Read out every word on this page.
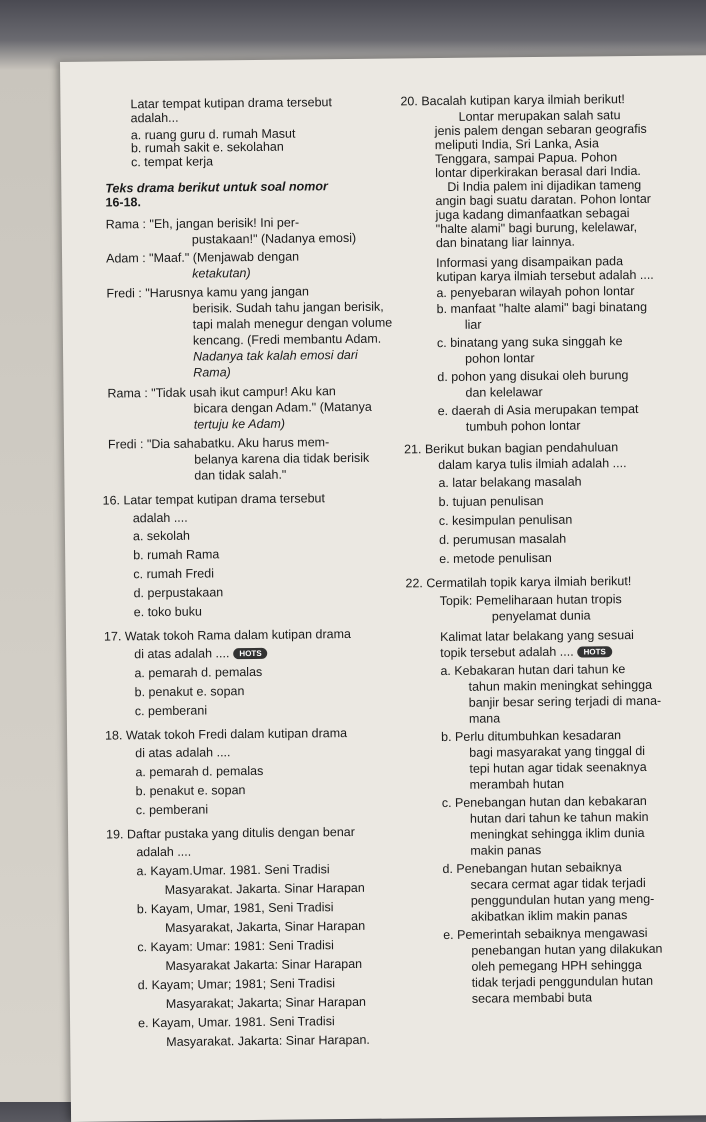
Latar tempat kutipan drama tersebut
adalah...
a. ruang guru d. rumah Masut
b. rumah sakit e. sekolahan
c. tempat kerja
Teks drama berikut untuk soal nomor
16-18.
Rama : "Eh, jangan berisik! Ini per-
pustakaan!" (Nadanya emosi)
Adam : "Maaf." (Menjawab dengan
ketakutan)
Fredi : "Harusnya kamu yang jangan
berisik. Sudah tahu jangan berisik,
tapi malah menegur dengan volume
kencang. (Fredi membantu Adam.
Nadanya tak kalah emosi dari
Rama)
Rama : "Tidak usah ikut campur! Aku kan
bicara dengan Adam." (Matanya
tertuju ke Adam)
Fredi : "Dia sahabatku. Aku harus mem-
belanya karena dia tidak berisik
dan tidak salah."
16. Latar tempat kutipan drama tersebut
adalah ....
a. sekolah
b. rumah Rama
c. rumah Fredi
d. perpustakaan
e. toko buku
17. Watak tokoh Rama dalam kutipan drama
di atas adalah .... HOTS
a. pemarah d. pemalas
b. penakut e. sopan
c. pemberani
18. Watak tokoh Fredi dalam kutipan drama
di atas adalah ....
a. pemarah d. pemalas
b. penakut e. sopan
c. pemberani
19. Daftar pustaka yang ditulis dengan benar
adalah ....
a. Kayam.Umar. 1981. Seni Tradisi
Masyarakat. Jakarta. Sinar Harapan
b. Kayam, Umar, 1981, Seni Tradisi
Masyarakat, Jakarta, Sinar Harapan
c. Kayam: Umar: 1981: Seni Tradisi
Masyarakat Jakarta: Sinar Harapan
d. Kayam; Umar; 1981; Seni Tradisi
Masyarakat; Jakarta; Sinar Harapan
e. Kayam, Umar. 1981. Seni Tradisi
Masyarakat. Jakarta: Sinar Harapan.
20. Bacalah kutipan karya ilmiah berikut!
Lontar merupakan salah satu
jenis palem dengan sebaran geografis
meliputi India, Sri Lanka, Asia
Tenggara, sampai Papua. Pohon
lontar diperkirakan berasal dari India.
Di India palem ini dijadikan tameng
angin bagi suatu daratan. Pohon lontar
juga kadang dimanfaatkan sebagai
"halte alami" bagi burung, kelelawar,
dan binatang liar lainnya.
Informasi yang disampaikan pada
kutipan karya ilmiah tersebut adalah ....
a. penyebaran wilayah pohon lontar
b. manfaat "halte alami" bagi binatang
liar
c. binatang yang suka singgah ke
pohon lontar
d. pohon yang disukai oleh burung
dan kelelawar
e. daerah di Asia merupakan tempat
tumbuh pohon lontar
21. Berikut bukan bagian pendahuluan
dalam karya tulis ilmiah adalah ....
a. latar belakang masalah
b. tujuan penulisan
c. kesimpulan penulisan
d. perumusan masalah
e. metode penulisan
22. Cermatilah topik karya ilmiah berikut!
Topik: Pemeliharaan hutan tropis
penyelamat dunia
Kalimat latar belakang yang sesuai
topik tersebut adalah .... HOTS
a. Kebakaran hutan dari tahun ke
tahun makin meningkat sehingga
banjir besar sering terjadi di mana-
mana
b. Perlu ditumbuhkan kesadaran
bagi masyarakat yang tinggal di
tepi hutan agar tidak seenaknya
merambah hutan
c. Penebangan hutan dan kebakaran
hutan dari tahun ke tahun makin
meningkat sehingga iklim dunia
makin panas
d. Penebangan hutan sebaiknya
secara cermat agar tidak terjadi
penggundulan hutan yang meng-
akibatkan iklim makin panas
e. Pemerintah sebaiknya mengawasi
penebangan hutan yang dilakukan
oleh pemegang HPH sehingga
tidak terjadi penggundulan hutan
secara membabi buta
